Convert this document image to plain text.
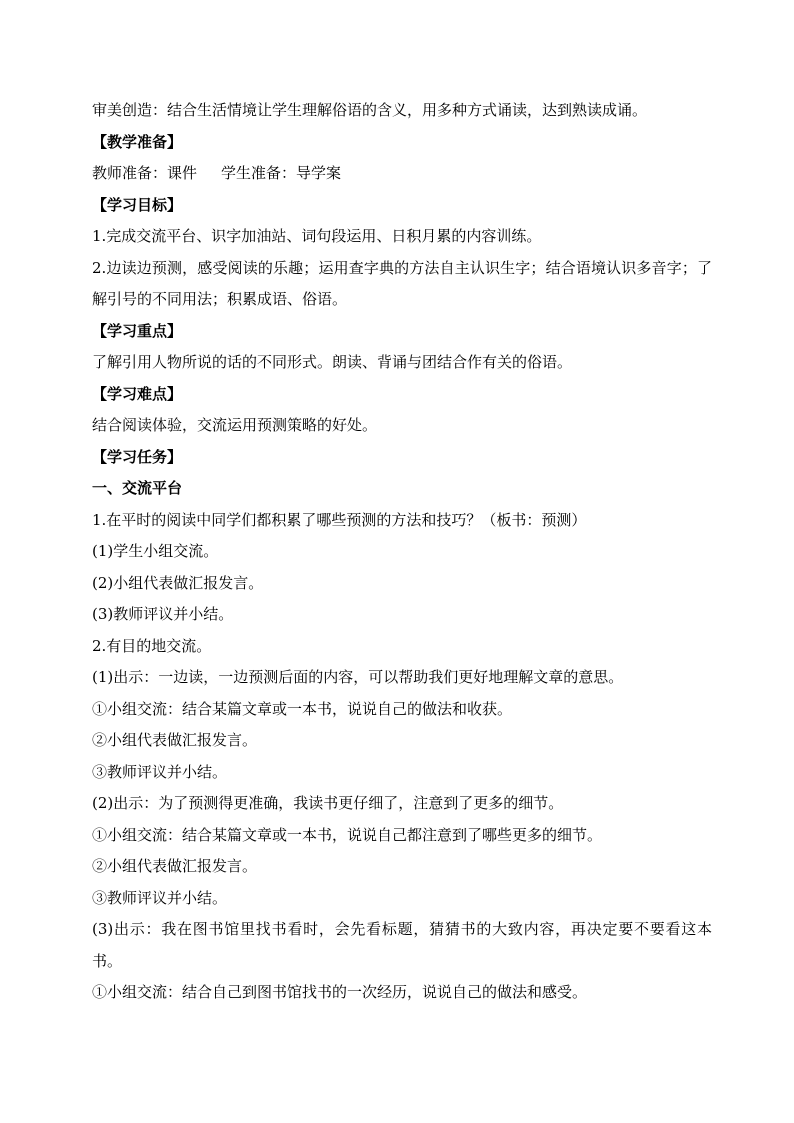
审美创造：结合生活情境让学生理解俗语的含义，用多种方式诵读，达到熟读成诵。
【教学准备】
教师准备：课件 学生准备：导学案
【学习目标】
1.完成交流平台、识字加油站、词句段运用、日积月累的内容训练。
2.边读边预测，感受阅读的乐趣；运用查字典的方法自主认识生字；结合语境认识多音字；了解引号的不同用法；积累成语、俗语。
【学习重点】
了解引用人物所说的话的不同形式。朗读、背诵与团结合作有关的俗语。
【学习难点】
结合阅读体验，交流运用预测策略的好处。
【学习任务】
一、交流平台
1.在平时的阅读中同学们都积累了哪些预测的方法和技巧？（板书：预测）
(1)学生小组交流。
(2)小组代表做汇报发言。
(3)教师评议并小结。
2.有目的地交流。
(1)出示：一边读，一边预测后面的内容，可以帮助我们更好地理解文章的意思。
①小组交流：结合某篇文章或一本书，说说自己的做法和收获。
②小组代表做汇报发言。
③教师评议并小结。
(2)出示：为了预测得更准确，我读书更仔细了，注意到了更多的细节。
①小组交流：结合某篇文章或一本书，说说自己都注意到了哪些更多的细节。
②小组代表做汇报发言。
③教师评议并小结。
(3)出示：我在图书馆里找书看时，会先看标题，猜猜书的大致内容，再决定要不要看这本书。
①小组交流：结合自己到图书馆找书的一次经历，说说自己的做法和感受。
